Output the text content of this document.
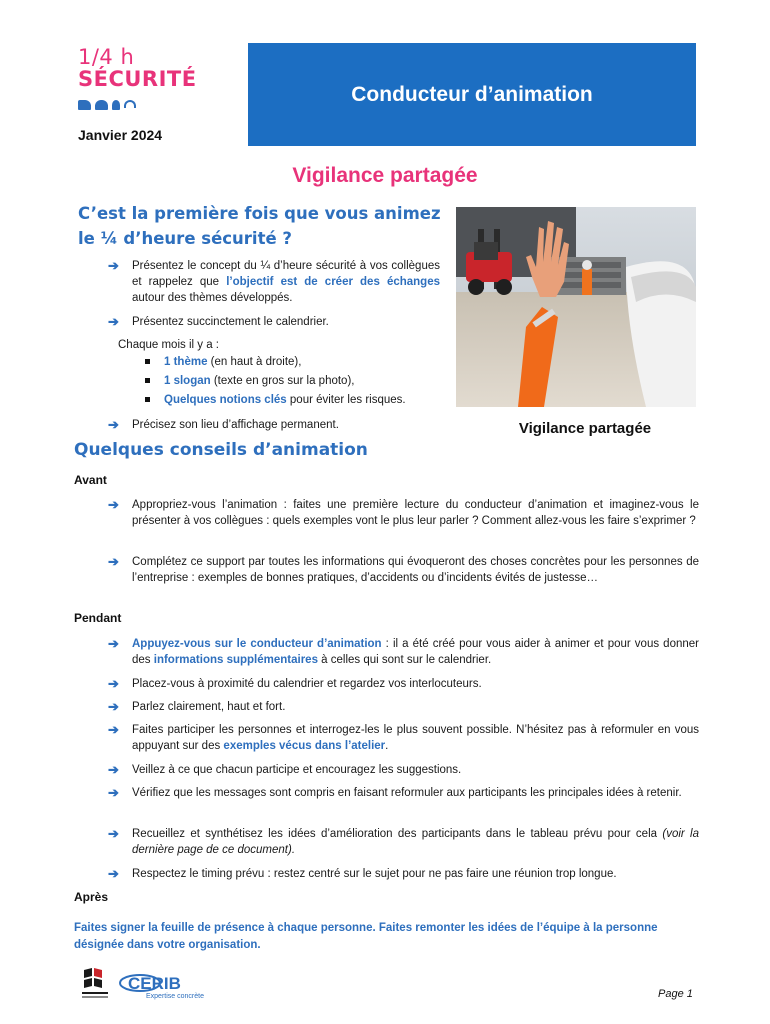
1/4 h
SÉCURITÉ
Janvier 2024
Conducteur d’animation
Vigilance partagée
C’est la première fois que vous animez le ¼ d’heure sécurité ?
➔	Présentez le concept du ¼ d’heure sécurité à vos collègues et rappelez que l’objectif est de créer des échanges autour des thèmes développés.
➔	Présentez succinctement le calendrier.
Chaque mois il y a :
1 thème (en haut à droite),
1 slogan (texte en gros sur la photo),
Quelques notions clés pour éviter les risques.
➔	Précisez son lieu d’affichage permanent.	Vigilance partagée
Quelques conseils d’animation
Avant
➔	Appropriez-vous l’animation : faites une première lecture du conducteur d’animation et imaginez-vous le présenter à vos collègues : quels exemples vont le plus leur parler ? Comment allez-vous les faire s’exprimer ?
➔	Complétez ce support par toutes les informations qui évoqueront des choses concrètes pour les personnes de l’entreprise : exemples de bonnes pratiques, d’accidents ou d’incidents évités de justesse…
Pendant
➔	Appuyez-vous sur le conducteur d’animation : il a été créé pour vous aider à animer et pour vous donner des informations supplémentaires à celles qui sont sur le calendrier.
➔	Placez-vous à proximité du calendrier et regardez vos interlocuteurs.
➔	Parlez clairement, haut et fort.
➔	Faites participer les personnes et interrogez-les le plus souvent possible. N’hésitez pas à reformuler en vous appuyant sur des exemples vécus dans l’atelier.
➔	Veillez à ce que chacun participe et encouragez les suggestions.
➔	Vérifiez que les messages sont compris en faisant reformuler aux participants les principales idées à retenir.
➔	Recueillez et synthétisez les idées d’amélioration des participants dans le tableau prévu pour cela (voir la dernière page de ce document).
➔	Respectez le timing prévu : restez centré sur le sujet pour ne pas faire une réunion trop longue.
Après
Faites signer la feuille de présence à chaque personne. Faites remonter les idées de l’équipe à la personne désignée dans votre organisation.
CERIB
Expertise concrète	Page 1
